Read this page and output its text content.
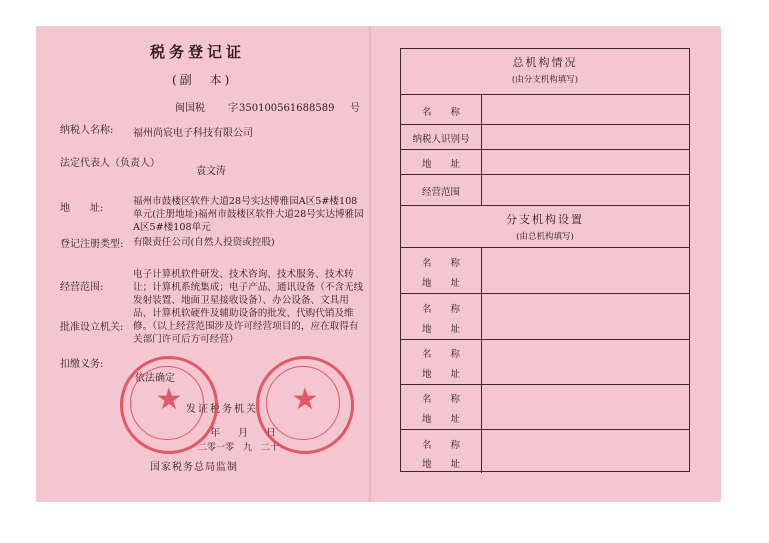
税务登记证
(副　本)
闽国税 字 350100561688589 号
纳税人名称: 福州尚宸电子科技有限公司
法定代表人（负责人）
袁文涛
地　　址:
福州市鼓楼区软件大道28号实达博雅园A区5#楼108单元(注册地址)福州市鼓楼区软件大道28号实达博雅园A区5#楼108单元
登记注册类型: 有限责任公司(自然人投资或控股)
经营范围:
电子计算机软件研发、技术咨询、技术服务、技术转让；计算机系统集成；电子产品、通讯设备（不含无线发射装置、地面卫星接收设备）、办公设备、文具用品、计算机软硬件及辅助设备的批发、代购代销及维修。（以上经营范围涉及许可经营项目的，应在取得有关部门许可后方可经营）
批准设立机关:
扣缴义务:
依法确定
发证税务机关
年 月 日
二零一零　九　二十
国家税务总局监制
★	★
总机构情况
(由分支机构填写)
名　　称
纳税人识别号
地　　址
经营范围
分支机构设置
(由总机构填写)
名　　称
地　　址
名　　称
地　　址
名　　称
地　　址
名　　称
地　　址
名　　称
地　　址
